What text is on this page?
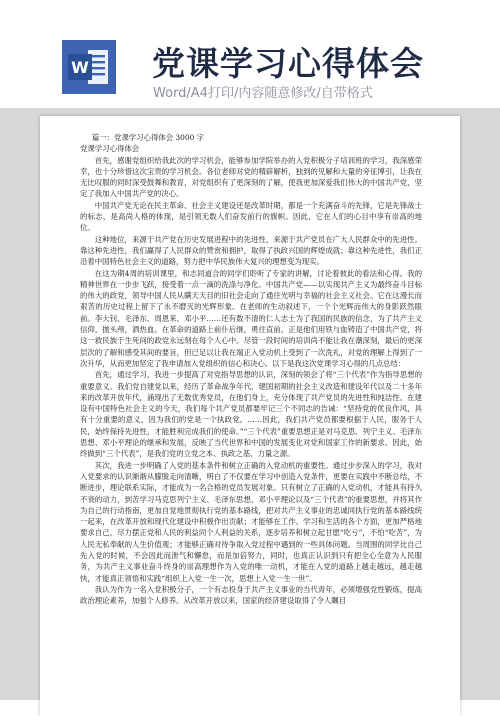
W 党课学习心得体会
Word/A4打印/内容随意修改/自带格式

篇一：党课学习心得体会 3000 字

党课学习心得体会

首先，感谢党组织给我此次的学习机会，能够参加学院举办的入党积极分子培训班的学习，我深感荣幸，也十分珍惜这次宝贵的学习机会。各位老师对党的精辟解析，独到的见解和大量的旁征博引，让我在无比叹服的同时深受鼓舞和教育，对党组织有了更深刻的了解，使我更加深爱我们伟大的中国共产党，坚定了我加入中国共产党的决心。

中国共产党无论在民主革命、社会主义建设还是改革时期，都是一个充满奋斗的先锋，它是先锋战士的标志，是高尚人格的体现，是引领无数人们奋发前行的旗帜。因此，它在人们的心目中享有崇高的地位。

这种地位，来源于共产党在历史发展进程中的先进性，来源于共产党员在广大人民群众中的先进性。靠这种先进性，我们赢得了人民群众的赞赏和拥护，取得了执政兴国的辉煌成就；靠这种先进性，我们正沿着中国特色社会主义的道路，努力把中华民族伟大复兴的理想变为现实。

在这为期4周的培训课里，和志同道合的同学们聆听了专家的讲解，讨论着彼此的看法和心得。我的精神世界在一步步飞跃，接受着一点一滴的洗涤与净化。中国共产党——以实现共产主义为最终奋斗目标的伟大的政党，领导中国人民从瞒天天目的旧社会走向了通往光明与幸福的社会主义社会。它在这漫长而艰苦的历史过程上留下了永不磨灭的光辉形象。在老师的生动叙述下，一个个光辉而伟大的身影跃然眼前。李大钊、毛泽东、周恩来、邓小平……还有数不清的仁人志士为了我国的民族的信念，为了共产主义信仰，抛头颅，洒热血。在革命的道路上前仆后继，勇往直前。正是他们用铁与血铸造了中国共产党，将这一救民族于生死间的政党永远刻在每个人心中。尽管一段时间的培训尚不能让我在潮深刻，最后的更深层次的了解和感受其间的要旨，但已足以让我在端正入党动机上受到了一次洗礼，对党的理解上得到了一次升华，从而更加坚定了我申请加入党组织的信心和决心。以下是我这次党课学习心得的几点总结：

首先，通过学习，我进一步提高了对党指导思想的认识，深刻的领会了将“三个代表”作为指导思想的重要意义。我们党自建党以来，经历了革命战争年代、建国初期的社会主义改造和建设年代以及二十多年来的改革开放年代，涌现出了无数优秀党员，在他们身上，充分体现了共产党员的先进性和纯洁性。在建设有中国特色社会主义的今天，我们每个共产党员都要牢记三个不同志的告诫：“坚持党的优良作风，具有十分重要的意义，因为我们的党是一个执政党。……因此，我们共产党员都要根据于人民，服务于人民，始终保持先进性，才能胜利完成我们的使命。”“三个代表”重要思想正是对马克思、列宁主义、毛泽东思想、邓小平理论的继承和发展，反映了当代世界和中国的发展变化对党和国家工作的新要求。因此，始终做到“三个代表”，是我们党的立党之本、执政之基、力量之源。

其次，我进一步明确了入党的基本条件和树立正确的入党动机的重要性。通过步步深入的学习，我对入党要求的认识渐渐从朦胧走向清晰，明白了不仅要在学习中创造入党条件，更要在实践中不断总结，不断进步，理论联系实际，才能成为一名合格的党员发展对象。只有树立了正确的入党动机，才能具有持久不衰的动力，到苦学习马克思列宁主义、毛泽东思想、邓小平理论以及“三个代表”的重要思想，并将其作为自己的行动指南，更加自觉地贯彻执行党的基本路线，把对共产主义事业的忠诚同执行党的基本路线统一起来，在改革开放和现代化建设中积极作出贡献；才能够在工作、学习和生活的各个方面，更加严格地要求自己，尽力摆正党和人民的利益同个人利益的关系，逐步培养和树立起甘愿“吃亏”，不怕“吃苦”，为人民无私奉献的人生价值观；才能够正确对待争取入党过程中遇到的一些具体问题。当周围的同学比自己先入党的时候，不会因此而泄气和懈怠，而是加倍努力，同时，也真正认识到只有把全心全意为人民服务，为共产主义事业奋斗终身的崇高理想作为入党的唯一动机，才能在入党的道路上越走越远，越走越快，才能真正领悟和实践“组织上入党一生一次，思想上入党一生一世”。

我认为作为一名入党积极分子，一个有志投身于共产主义事业的当代青年，必须增强党性锻炼，提高政治理论素养，加强个人修养。从改革开放以来，国家的经济建设取得了令人瞩目
